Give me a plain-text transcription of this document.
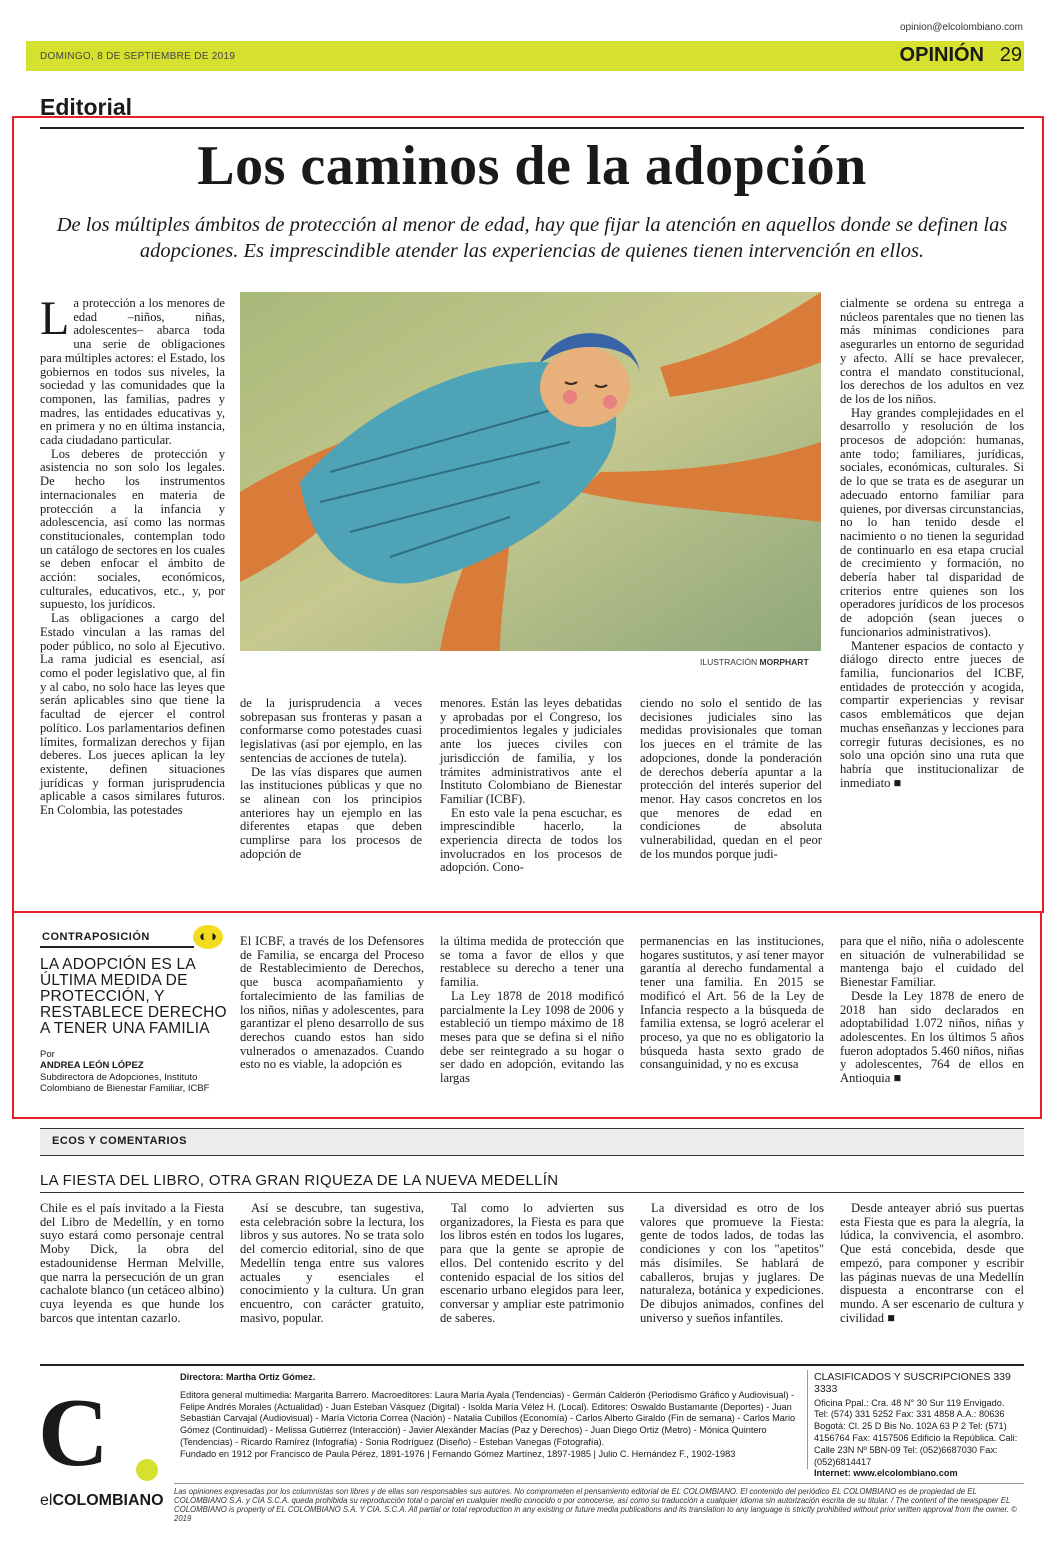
opinion@elcolombiano.com
DOMINGO, 8 DE SEPTIEMBRE DE 2019	OPINIÓN 29
Editorial
Los caminos de la adopción
De los múltiples ámbitos de protección al menor de edad, hay que fijar la atención en aquellos donde se definen las adopciones. Es imprescindible atender las experiencias de quienes tienen intervención en ellos.

La protección a los menores de edad –niños, niñas, adolescentes– abarca toda una serie de obligaciones para múltiples actores: el Estado, los gobiernos en todos sus niveles, la sociedad y las comunidades que la componen, las familias, padres y madres, las entidades educativas y, en primera y no en última instancia, cada ciudadano particular.

Los deberes de protección y asistencia no son solo los legales. De hecho los instrumentos internacionales en materia de protección a la infancia y adolescencia, así como las normas constitucionales, contemplan todo un catálogo de sectores en los cuales se deben enfocar el ámbito de acción: sociales, económicos, culturales, educativos, etc., y, por supuesto, los jurídicos.

Las obligaciones a cargo del Estado vinculan a las ramas del poder público, no solo al Ejecutivo. La rama judicial es esencial, así como el poder legislativo que, al fin y al cabo, no solo hace las leyes que serán aplicables sino que tiene la facultad de ejercer el control político. Los parlamentarios definen límites, formalizan derechos y fijan deberes. Los jueces aplican la ley existente, definen situaciones jurídicas y forman jurisprudencia aplicable a casos similares futuros. En Colombia, las potestades

ILUSTRACIÓN MORPHART

de la jurisprudencia a veces sobrepasan sus fronteras y pasan a conformarse como potestades cuasi legislativas (así por ejemplo, en las sentencias de acciones de tutela).

De las vías dispares que aumen las instituciones públicas y que no se alinean con los principios anteriores hay un ejemplo en las diferentes etapas que deben cumplirse para los procesos de adopción de

menores. Están las leyes debatidas y aprobadas por el Congreso, los procedimientos legales y judiciales ante los jueces civiles con jurisdicción de familia, y los trámites administrativos ante el Instituto Colombiano de Bienestar Familiar (ICBF).

En esto vale la pena escuchar, es imprescindible hacerlo, la experiencia directa de todos los involucrados en los procesos de adopción. Cono-

ciendo no solo el sentido de las decisiones judiciales sino las medidas provisionales que toman los jueces en el trámite de las adopciones, donde la ponderación de derechos debería apuntar a la protección del interés superior del menor. Hay casos concretos en los que menores de edad en condiciones de absoluta vulnerabilidad, quedan en el peor de los mundos porque judi-

cialmente se ordena su entrega a núcleos parentales que no tienen las más mínimas condiciones para asegurarles un entorno de seguridad y afecto. Allí se hace prevalecer, contra el mandato constitucional, los derechos de los adultos en vez de los de los niños.

Hay grandes complejidades en el desarrollo y resolución de los procesos de adopción: humanas, ante todo; familiares, jurídicas, sociales, económicas, culturales. Si de lo que se trata es de asegurar un adecuado entorno familiar para quienes, por diversas circunstancias, no lo han tenido desde el nacimiento o no tienen la seguridad de continuarlo en esa etapa crucial de crecimiento y formación, no debería haber tal disparidad de criterios entre quienes son los operadores jurídicos de los procesos de adopción (sean jueces o funcionarios administrativos).

Mantener espacios de contacto y diálogo directo entre jueces de familia, funcionarios del ICBF, entidades de protección y acogida, compartir experiencias y revisar casos emblemáticos que dejan muchas enseñanzas y lecciones para corregir futuras decisiones, es no solo una opción sino una ruta que habría que institucionalizar de inmediato ■

CONTRAPOSICIÓN	◐◑
LA ADOPCIÓN ES LA ÚLTIMA MEDIDA DE PROTECCIÓN, Y RESTABLECE DERECHO A TENER UNA FAMILIA
Por
ANDREA LEÓN LÓPEZ
Subdirectora de Adopciones, Instituto Colombiano de Bienestar Familiar, ICBF

El ICBF, a través de los Defensores de Familia, se encarga del Proceso de Restablecimiento de Derechos, que busca acompañamiento y fortalecimiento de las familias de los niños, niñas y adolescentes, para garantizar el pleno desarrollo de sus derechos cuando estos han sido vulnerados o amenazados. Cuando esto no es viable, la adopción es

la última medida de protección que se toma a favor de ellos y que restablece su derecho a tener una familia.

La Ley 1878 de 2018 modificó parcialmente la Ley 1098 de 2006 y estableció un tiempo máximo de 18 meses para que se defina si el niño debe ser reintegrado a su hogar o ser dado en adopción, evitando las largas

permanencias en las instituciones, hogares sustitutos, y así tener mayor garantía al derecho fundamental a tener una familia. En 2015 se modificó el Art. 56 de la Ley de Infancia respecto a la búsqueda de familia extensa, se logró acelerar el proceso, ya que no es obligatorio la búsqueda hasta sexto grado de consanguinidad, y no es excusa

para que el niño, niña o adolescente en situación de vulnerabilidad se mantenga bajo el cuidado del Bienestar Familiar.

Desde la Ley 1878 de enero de 2018 han sido declarados en adoptabilidad 1.072 niños, niñas y adolescentes. En los últimos 5 años fueron adoptados 5.460 niños, niñas y adolescentes, 764 de ellos en Antioquia ■

ECOS Y COMENTARIOS
LA FIESTA DEL LIBRO, OTRA GRAN RIQUEZA DE LA NUEVA MEDELLÍN

Chile es el país invitado a la Fiesta del Libro de Medellín, y en torno suyo estará como personaje central Moby Dick, la obra del estadounidense Herman Melville, que narra la persecución de un gran cachalote blanco (un cetáceo albino) cuya leyenda es que hunde los barcos que intentan cazarlo.

Así se descubre, tan sugestiva, esta celebración sobre la lectura, los libros y sus autores. No se trata solo del comercio editorial, sino de que Medellín tenga entre sus valores actuales y esenciales el conocimiento y la cultura. Un gran encuentro, con carácter gratuito, masivo, popular.

Tal como lo advierten sus organizadores, la Fiesta es para que los libros estén en todos los lugares, para que la gente se apropie de ellos. Del contenido escrito y del contenido espacial de los sitios del escenario urbano elegidos para leer, conversar y ampliar este patrimonio de saberes.

La diversidad es otro de los valores que promueve la Fiesta: gente de todos lados, de todas las condiciones y con los "apetitos" más disímiles. Se hablará de caballeros, brujas y juglares. De naturaleza, botánica y expediciones. De dibujos animados, confines del universo y sueños infantiles.

Desde anteayer abrió sus puertas esta Fiesta que es para la alegría, la lúdica, la convivencia, el asombro. Que está concebida, desde que empezó, para componer y escribir las páginas nuevas de una Medellín dispuesta a encontrarse con el mundo. A ser escenario de cultura y civilidad ■

C
elCOLOMBIANO
Directora: Martha Ortiz Gómez.
Editora general multimedia: Margarita Barrero. Macroeditores: Laura María Ayala (Tendencias) - Germán Calderón (Periodismo Gráfico y Audiovisual) - Felipe Andrés Morales (Actualidad) - Juan Esteban Vásquez (Digital) - Isolda María Vélez H. (Local). Editores: Oswaldo Bustamante (Deportes) - Juan Sebastián Carvajal (Audiovisual) - María Victoria Correa (Nación) - Natalia Cubillos (Economía) - Carlos Alberto Giraldo (Fin de semana) - Carlos Mario Gómez (Continuidad) - Melissa Gutiérrez (Interacción) - Javier Alexánder Macías (Paz y Derechos) - Juan Diego Ortiz (Metro) - Mónica Quintero (Tendencias) - Ricardo Ramírez (Infografía) - Sonia Rodríguez (Diseño) - Esteban Vanegas (Fotografía).
Fundado en 1912 por Francisco de Paula Pérez, 1891-1976 | Fernando Gómez Martínez, 1897-1985 | Julio C. Hernández F., 1902-1983
CLASIFICADOS Y SUSCRIPCIONES 339 3333
Oficina Ppal.: Cra. 48 N° 30 Sur 119 Envigado. Tel: (574) 331 5252 Fax: 331 4858 A.A.: 80636
Bogotá: Cl. 25 D Bis No. 102A 63 P 2 Tel: (571) 4156764 Fax: 4157506 Edificio la República. Cali: Calle 23N Nº 5BN-09 Tel: (052)6687030 Fax: (052)6814417
Internet: www.elcolombiano.com
Las opiniones expresadas por los columnistas son libres y de ellas son responsables sus autores. No comprometen el pensamiento editorial de EL COLOMBIANO. El contenido del periódico EL COLOMBIANO es de propiedad de EL COLOMBIANO S.A. y CIA S.C.A. queda prohibida su reproducción total o parcial en cualquier medio conocido o por conocerse, así como su traducción a cualquier idioma sin autorización escrita de su titular. / The content of the newspaper EL COLOMBIANO is property of EL COLOMBIANO S.A. Y CIA. S.C.A. All partial or total reproduction in any existing or future media publications and its translation to any language is strictly prohibited without prior written approval from the owner. © 2019
